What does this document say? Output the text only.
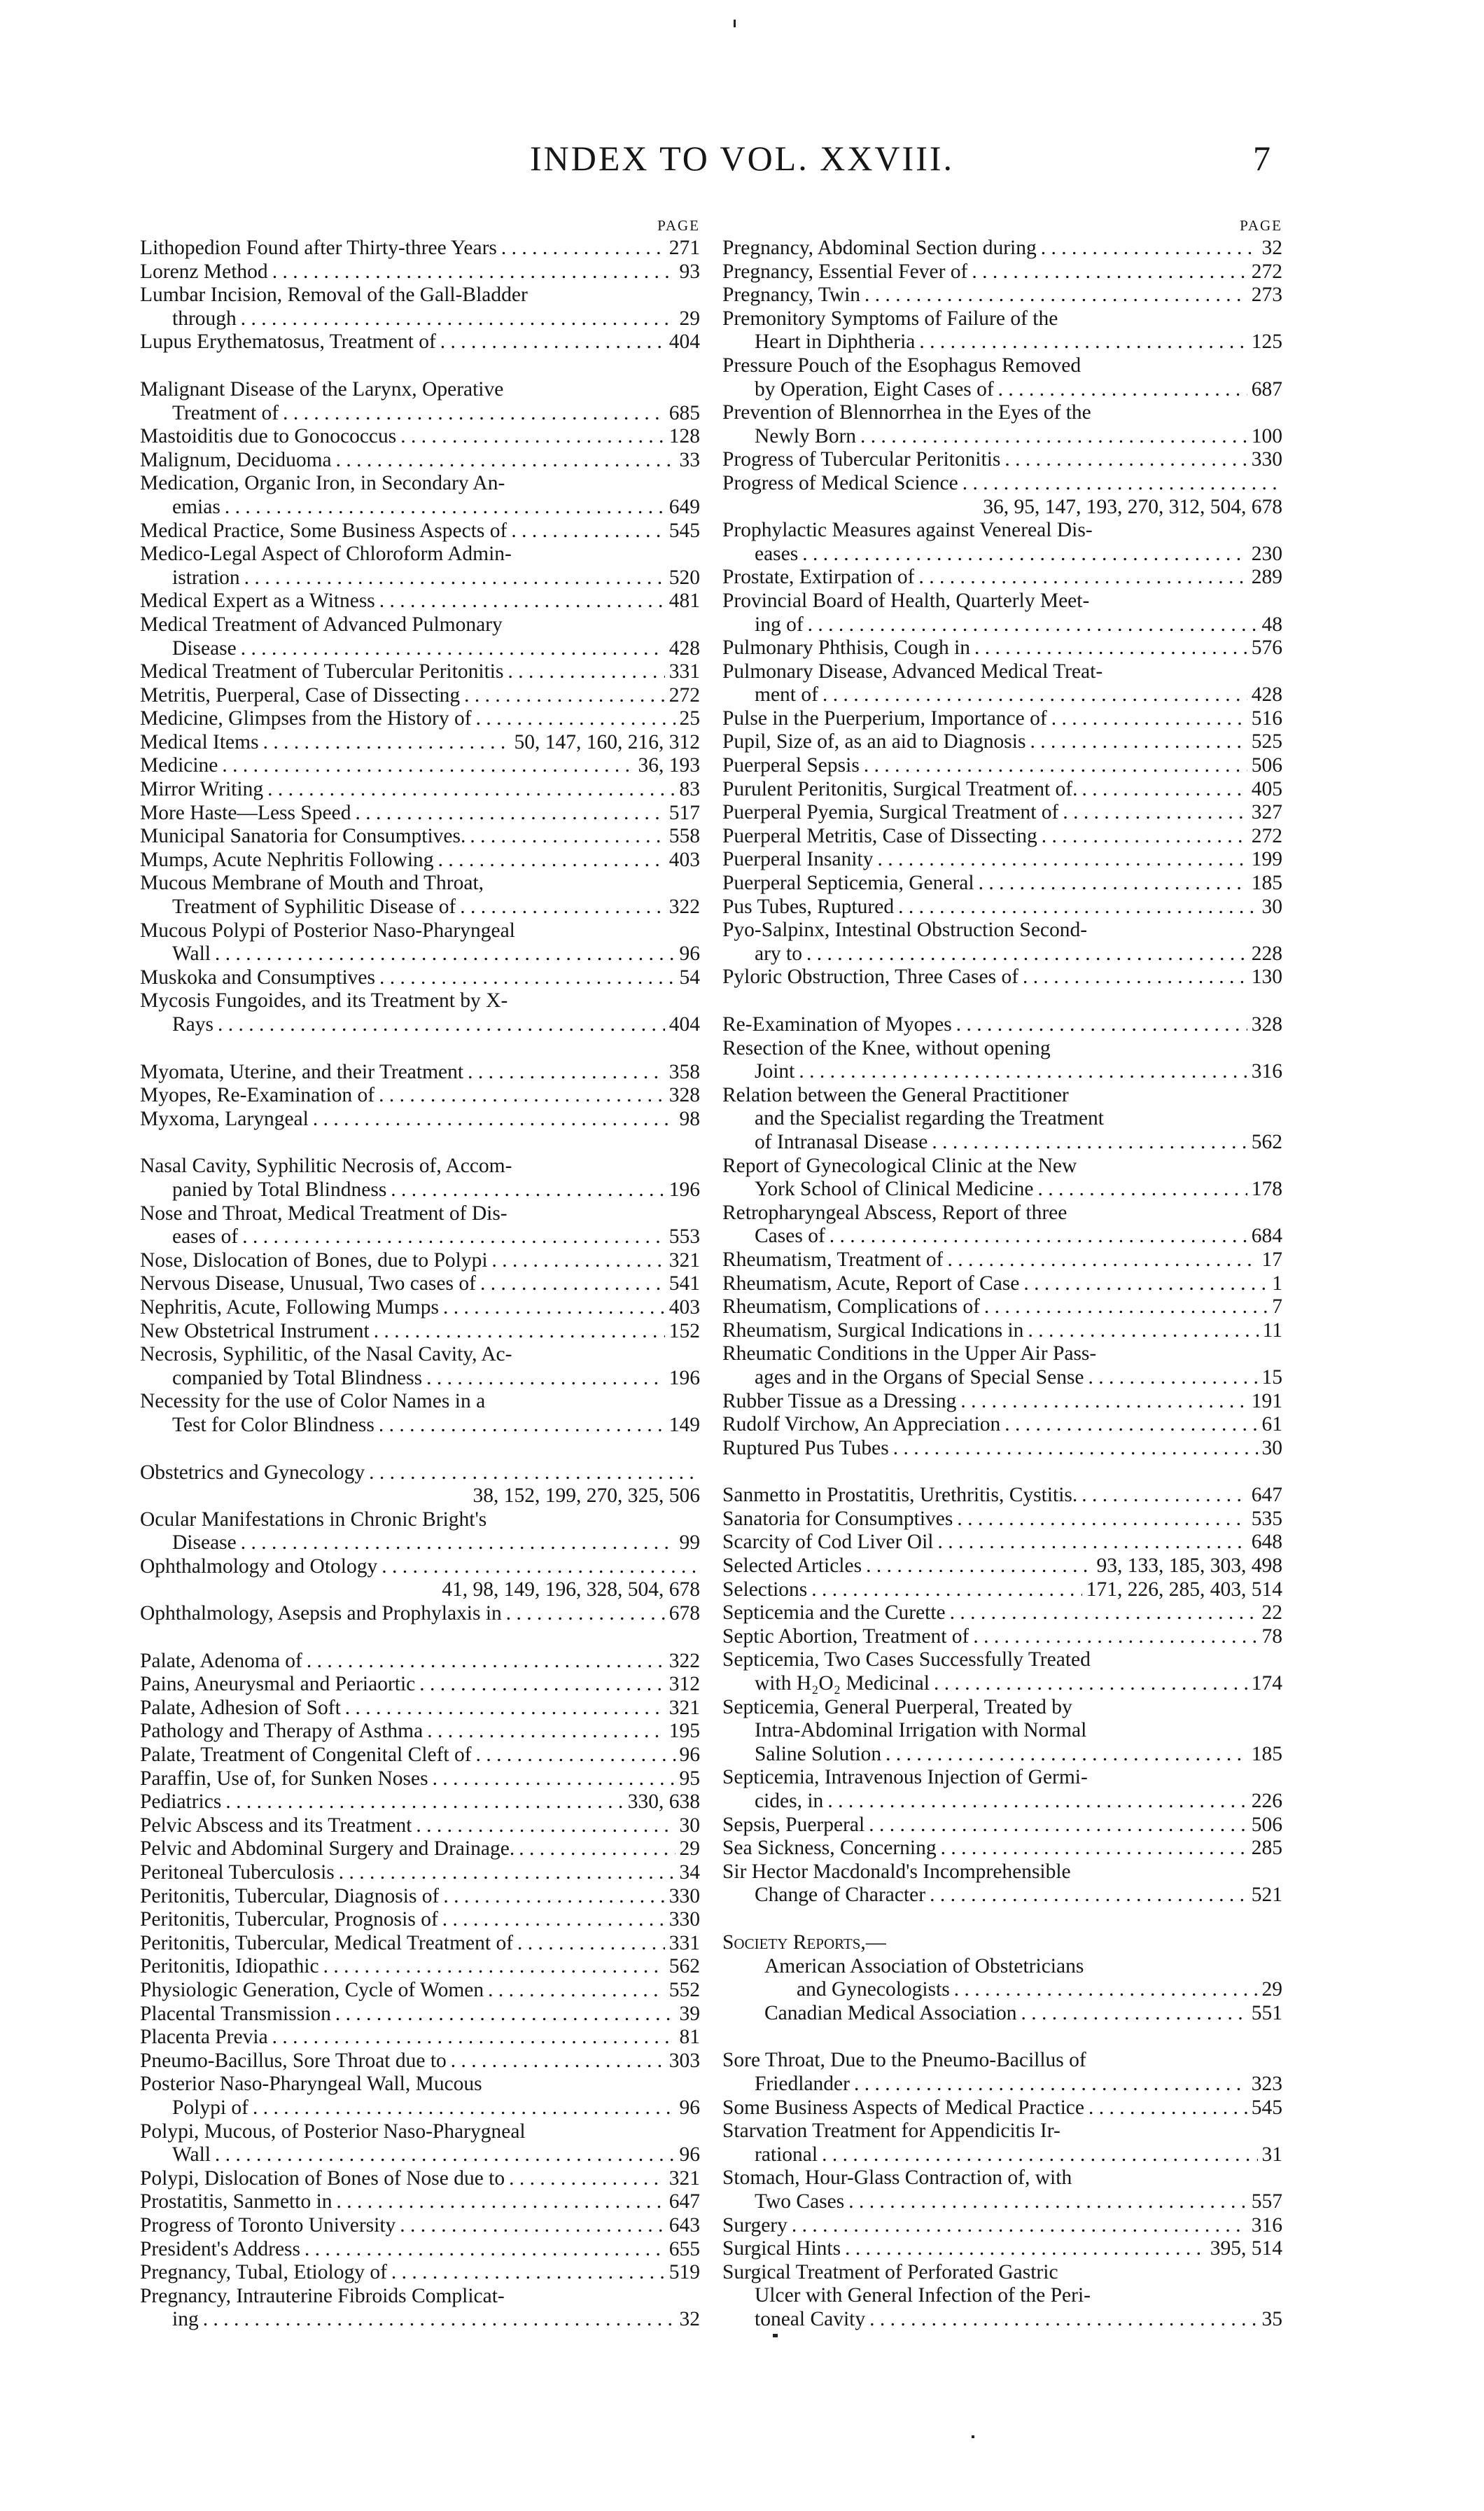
INDEX TO VOL. XXVIII.	7
PAGE
Lithopedion Found after Thirty-three Years . . .	271
Lorenz Method . . .	93
Lumbar Incision, Removal of the Gall-Bladder
through . . .	29
Lupus Erythematosus, Treatment of . . .	404
Malignant Disease of the Larynx, Operative
Treatment of . . .	685
Mastoiditis due to Gonococcus . . .	128
Malignum, Deciduoma . . .	33
Medication, Organic Iron, in Secondary An-
emias . . .	649
Medical Practice, Some Business Aspects of . . .	545
Medico-Legal Aspect of Chloroform Admin-
istration . . .	520
Medical Expert as a Witness . . .	481
Medical Treatment of Advanced Pulmonary
Disease . . .	428
Medical Treatment of Tubercular Peritonitis . . .	331
Metritis, Puerperal, Case of Dissecting . . .	272
Medicine, Glimpses from the History of . . .	25
Medical Items . . .	50, 147, 160, 216, 312
Medicine . . .	36, 193
Mirror Writing . . .	83
More Haste—Less Speed . . .	517
Municipal Sanatoria for Consumptives. . . .	558
Mumps, Acute Nephritis Following . . .	403
Mucous Membrane of Mouth and Throat,
Treatment of Syphilitic Disease of . . .	322
Mucous Polypi of Posterior Naso-Pharyngeal
Wall . . .	96
Muskoka and Consumptives . . .	54
Mycosis Fungoides, and its Treatment by X-
Rays . . .	404
Myomata, Uterine, and their Treatment . . .	358
Myopes, Re-Examination of . . .	328
Myxoma, Laryngeal . . .	98
Nasal Cavity, Syphilitic Necrosis of, Accom-
panied by Total Blindness . . .	196
Nose and Throat, Medical Treatment of Dis-
eases of . . .	553
Nose, Dislocation of Bones, due to Polypi . . .	321
Nervous Disease, Unusual, Two cases of . . .	541
Nephritis, Acute, Following Mumps . . .	403
New Obstetrical Instrument . . .	152
Necrosis, Syphilitic, of the Nasal Cavity, Ac-
companied by Total Blindness . . .	196
Necessity for the use of Color Names in a
Test for Color Blindness . . .	149
Obstetrics and Gynecology
. . .
38, 152, 199, 270, 325, 506
Ocular Manifestations in Chronic Bright's
Disease . . .	99
Ophthalmology and Otology
. . .
41, 98, 149, 196, 328, 504, 678
Ophthalmology, Asepsis and Prophylaxis in . . .	678
Palate, Adenoma of . . .	322
Pains, Aneurysmal and Periaortic . . .	312
Palate, Adhesion of Soft . . .	321
Pathology and Therapy of Asthma . . .	195
Palate, Treatment of Congenital Cleft of . . .	96
Paraffin, Use of, for Sunken Noses . . .	95
Pediatrics . . .	330, 638
Pelvic Abscess and its Treatment . . .	30
Pelvic and Abdominal Surgery and Drainage. . . .	29
Peritoneal Tuberculosis . . .	34
Peritonitis, Tubercular, Diagnosis of . . .	330
Peritonitis, Tubercular, Prognosis of . . .	330
Peritonitis, Tubercular, Medical Treatment of . . .	331
Peritonitis, Idiopathic . . .	562
Physiologic Generation, Cycle of Women . . .	552
Placental Transmission . . .	39
Placenta Previa . . .	81
Pneumo-Bacillus, Sore Throat due to . . .	303
Posterior Naso-Pharyngeal Wall, Mucous
Polypi of . . .	96
Polypi, Mucous, of Posterior Naso-Pharygneal
Wall . . .	96
Polypi, Dislocation of Bones of Nose due to . . .	321
Prostatitis, Sanmetto in . . .	647
Progress of Toronto University . . .	643
President's Address . . .	655
Pregnancy, Tubal, Etiology of . . .	519
Pregnancy, Intrauterine Fibroids Complicat-
ing . . .	32
PAGE
Pregnancy, Abdominal Section during . . .	32
Pregnancy, Essential Fever of . . .	272
Pregnancy, Twin . . .	273
Premonitory Symptoms of Failure of the
Heart in Diphtheria . . .	125
Pressure Pouch of the Esophagus Removed
by Operation, Eight Cases of . . .	687
Prevention of Blennorrhea in the Eyes of the
Newly Born . . .	100
Progress of Tubercular Peritonitis . . .	330
Progress of Medical Science
. . .
36, 95, 147, 193, 270, 312, 504, 678
Prophylactic Measures against Venereal Dis-
eases . . .	230
Prostate, Extirpation of . . .	289
Provincial Board of Health, Quarterly Meet-
ing of . . .	48
Pulmonary Phthisis, Cough in . . .	576
Pulmonary Disease, Advanced Medical Treat-
ment of . . .	428
Pulse in the Puerperium, Importance of . . .	516
Pupil, Size of, as an aid to Diagnosis . . .	525
Puerperal Sepsis . . .	506
Purulent Peritonitis, Surgical Treatment of. . . .	405
Puerperal Pyemia, Surgical Treatment of . . .	327
Puerperal Metritis, Case of Dissecting . . .	272
Puerperal Insanity . . .	199
Puerperal Septicemia, General . . .	185
Pus Tubes, Ruptured . . .	30
Pyo-Salpinx, Intestinal Obstruction Second-
ary to . . .	228
Pyloric Obstruction, Three Cases of . . .	130
Re-Examination of Myopes . . .	328
Resection of the Knee, without opening
Joint . . .	316
Relation between the General Practitioner
and the Specialist regarding the Treatment
of Intranasal Disease . . .	562
Report of Gynecological Clinic at the New
York School of Clinical Medicine . . .	178
Retropharyngeal Abscess, Report of three
Cases of . . .	684
Rheumatism, Treatment of . . .	17
Rheumatism, Acute, Report of Case . . .	1
Rheumatism, Complications of . . .	7
Rheumatism, Surgical Indications in . . .	11
Rheumatic Conditions in the Upper Air Pass-
ages and in the Organs of Special Sense . . .	15
Rubber Tissue as a Dressing . . .	191
Rudolf Virchow, An Appreciation . . .	61
Ruptured Pus Tubes . . .	30
Sanmetto in Prostatitis, Urethritis, Cystitis. . . .	647
Sanatoria for Consumptives . . .	535
Scarcity of Cod Liver Oil . . .	648
Selected Articles . . .	93, 133, 185, 303, 498
Selections . . .	171, 226, 285, 403, 514
Septicemia and the Curette . . .	22
Septic Abortion, Treatment of . . .	78
Septicemia, Two Cases Successfully Treated
with H₂O₂ Medicinal . . .	174
Septicemia, General Puerperal, Treated by
Intra-Abdominal Irrigation with Normal
Saline Solution . . .	185
Septicemia, Intravenous Injection of Germi-
cides, in . . .	226
Sepsis, Puerperal . . .	506
Sea Sickness, Concerning . . .	285
Sir Hector Macdonald's Incomprehensible
Change of Character . . .	521
Society Reports,—
American Association of Obstetricians
and Gynecologists . . .	29
Canadian Medical Association . . .	551
Sore Throat, Due to the Pneumo-Bacillus of
Friedlander . . .	323
Some Business Aspects of Medical Practice . . .	545
Starvation Treatment for Appendicitis Ir-
rational . . .	31
Stomach, Hour-Glass Contraction of, with
Two Cases . . .	557
Surgery . . .	316
Surgical Hints . . .	395, 514
Surgical Treatment of Perforated Gastric
Ulcer with General Infection of the Peri-
toneal Cavity . . .	35
